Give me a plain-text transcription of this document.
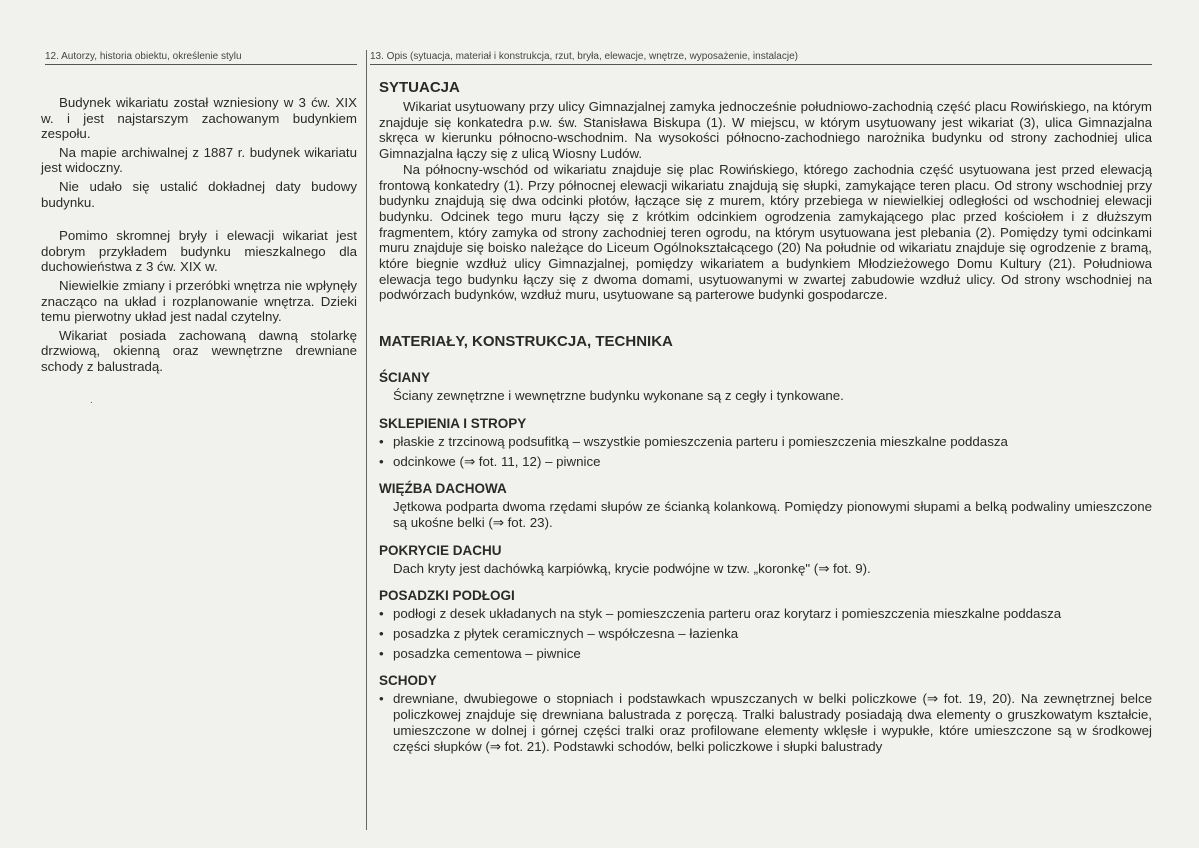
12. Autorzy, historia obiektu, określenie stylu

Budynek wikariatu został wzniesiony w 3 ćw. XIX w. i jest najstarszym zachowanym budynkiem zespołu.

Na mapie archiwalnej z 1887 r. budynek wikariatu jest widoczny.

Nie udało się ustalić dokładnej daty budowy budynku.

Pomimo skromnej bryły i elewacji wikariat jest dobrym przykładem budynku mieszkalnego dla duchowieństwa z 3 ćw. XIX w.

Niewielkie zmiany i przeróbki wnętrza nie wpłynęły znacząco na układ i rozplanowanie wnętrza. Dzieki temu pierwotny układ jest nadal czytelny.

Wikariat posiada zachowaną dawną stolarkę drzwiową, okienną oraz wewnętrzne drewniane schody z balustradą.

.
13. Opis (sytuacja, materiał i konstrukcja, rzut, bryła, elewacje, wnętrze, wyposażenie, instalacje)
SYTUACJA

Wikariat usytuowany przy ulicy Gimnazjalnej zamyka jednocześnie południowo-zachodnią część placu Rowińskiego, na którym znajduje się konkatedra p.w. św. Stanisława Biskupa (1). W miejscu, w którym usytuowany jest wikariat (3), ulica Gimnazjalna skręca w kierunku północno-wschodnim. Na wysokości północno-zachodniego narożnika budynku od strony zachodniej ulica Gimnazjalna łączy się z ulicą Wiosny Ludów.

Na północny-wschód od wikariatu znajduje się plac Rowińskiego, którego zachodnia część usytuowana jest przed elewacją frontową konkatedry (1). Przy północnej elewacji wikariatu znajdują się słupki, zamykające teren placu. Od strony wschodniej przy budynku znajdują się dwa odcinki płotów, łączące się z murem, który przebiega w niewielkiej odległości od wschodniej elewacji budynku. Odcinek tego muru łączy się z krótkim odcinkiem ogrodzenia zamykającego plac przed kościołem i z dłuższym fragmentem, który zamyka od strony zachodniej teren ogrodu, na którym usytuowana jest plebania (2). Pomiędzy tymi odcinkami muru znajduje się boisko należące do Liceum Ogólnokształcącego (20) Na południe od wikariatu znajduje się ogrodzenie z bramą, które biegnie wzdłuż ulicy Gimnazjalnej, pomiędzy wikariatem a budynkiem Młodzieżowego Domu Kultury (21). Południowa elewacja tego budynku łączy się z dwoma domami, usytuowanymi w zwartej zabudowie wzdłuż ulicy. Od strony wschodniej na podwórzach budynków, wzdłuż muru, usytuowane są parterowe budynki gospodarcze.

MATERIAŁY, KONSTRUKCJA, TECHNIKA
ŚCIANY
Ściany zewnętrzne i wewnętrzne budynku wykonane są z cegły i tynkowane.
SKLEPIENIA I STROPY
• płaskie z trzcinową podsufitką – wszystkie pomieszczenia parteru i pomieszczenia mieszkalne poddasza
• odcinkowe (⇒ fot. 11, 12) – piwnice
WIĘŹBA DACHOWA
Jętkowa podparta dwoma rzędami słupów ze ścianką kolankową. Pomiędzy pionowymi słupami a belką podwaliny umieszczone są ukośne belki (⇒ fot. 23).
POKRYCIE DACHU
Dach kryty jest dachówką karpiówką, krycie podwójne w tzw. „koronkę" (⇒ fot. 9).
POSADZKI PODŁOGI
• podłogi z desek układanych na styk – pomieszczenia parteru oraz korytarz i pomieszczenia mieszkalne poddasza
• posadzka z płytek ceramicznych – współczesna – łazienka
• posadzka cementowa – piwnice
SCHODY
• drewniane, dwubiegowe o stopniach i podstawkach wpuszczanych w belki policzkowe (⇒ fot. 19, 20). Na zewnętrznej belce policzkowej znajduje się drewniana balustrada z poręczą. Tralki balustrady posiadają dwa elementy o gruszkowatym kształcie, umieszczone w dolnej i górnej części tralki oraz profilowane elementy wklęsłe i wypukłe, które umieszczone są w środkowej części słupków (⇒ fot. 21). Podstawki schodów, belki policzkowe i słupki balustrady
